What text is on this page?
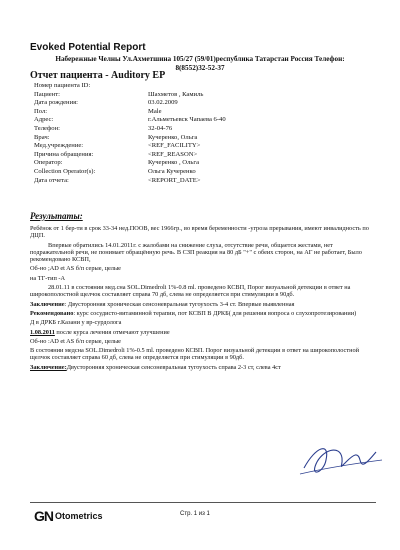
Evoked Potential Report
Набережные Челны Ул.Ахметшина 105/27 (59/01)республика Татарстан Россия Телефон:
8(8552)32-52-37
Отчет пациента - Auditory EP
Номер пациента ID:
Пациент:	Шахмeтов , Камиль
Дата рождения:	03.02.2009
Пол:	Male
Адрес:	г.Альметьевск Чапаева 6-40
Телефон:	32-04-76
Врач:	Кучеренко, Ольга
Мед.учреждение:	<REF_FACILITY>
Причина обращения:	<REF_REASON>
Оператор:	Кучеренко , Ольга
Collection Operator(s):	Ольга Кучеренко
Дата отчета:	<REPORT_DATE>
Результаты:

Ребёнок от 1 бер-ти в срок 33-34 нед.ПООВ, вес 1966гр., во время беременности -угроза прерывания, имеют инвалидность по ДЦП.

Впервые обратились 14.01.2011г. с жалобами на снижение слуха, отсутствие речи, общается жестами, нет подражательной речи, не понимает обращённую речь. В СЗП реакция на 80 дБ "+" с обеих сторон, на АГ не работает, Было рекомендовано КСВП,

Об-но ;AD et AS б/п серые, целые

на ТГ-тип -А

28.01.11 в состоянии мед.сна SOL.Dimedroli 1%-0.8 ml. проведено КСВП, Порог визуальной детекции в ответ на широкополостной щелчок составляет справа 70 дб, слева не определяется при стимуляции в 90дб.

Заключение: Двусторонняя хроническая сенсоневральная тугоухость 3-4 ст. Впервые выявленная

Рекомендовано: курс сосудисто-витаминной терапии, пот КСВП В ДРКБ( для решения вопроса о слухопротезировании)

Д в ДРКБ г.Казани у вр-сурдолога

1.08.2011 после курса лечения отмечают улучшение

Об-но :AD et AS б/п серые, целые

В состоянии медсна SOL.Dimedroli 1%-0.5 ml. проведено КСВП. Порог визуальной детекции в ответ на широкополостной щелчок составляет справа 60 дб, слева не определяется при стимуляции в 90дб.

Заключение:Двусторонняя хроническая сенсоневральная тугоухость справа 2-3 ст, слева 4ст

GN Otometrics	Стр. 1 из 1
